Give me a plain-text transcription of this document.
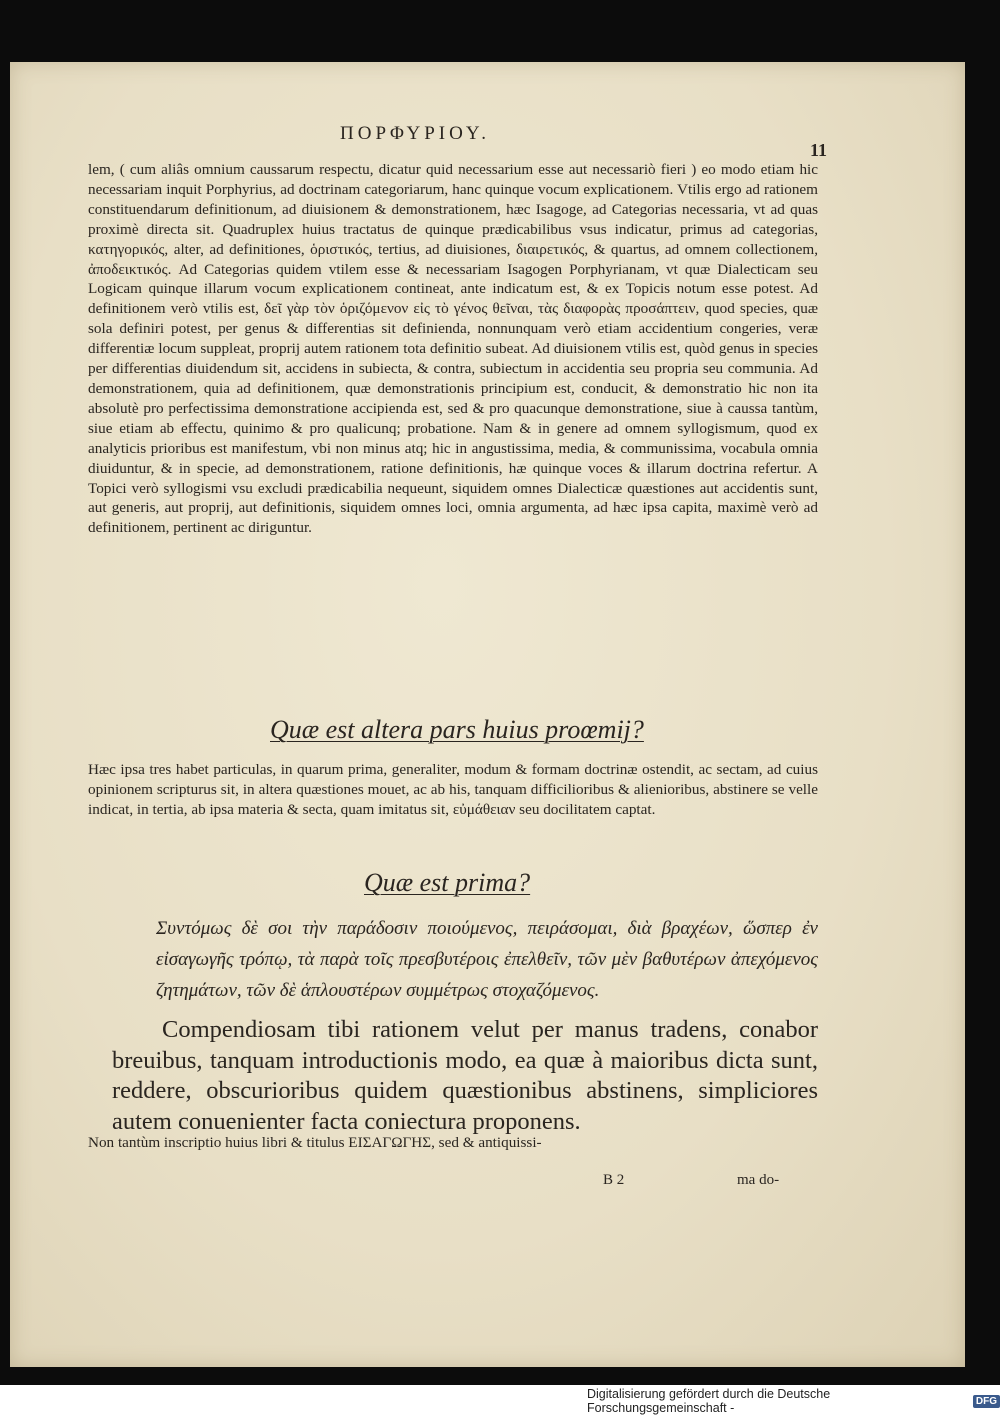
ΠΟΡΦΥΡΙΟΥ.
11

lem, ( cum aliâs omnium caussarum respectu, dicatur quid necessarium esse aut necessariò fieri ) eo modo etiam hic necessariam inquit Porphyrius, ad doctrinam categoriarum, hanc quinque vocum explicationem. Vtilis ergo ad rationem constituendarum definitionum, ad diuisionem & demonstrationem, hæc Isagoge, ad Categorias necessaria, vt ad quas proximè directa sit. Quadruplex huius tractatus de quinque prædicabilibus vsus indicatur, primus ad categorias, κατηγορικός, alter, ad definitiones, ὁριστικός, tertius, ad diuisiones, διαιρετικός, & quartus, ad omnem collectionem, ἀποδεικτικός. Ad Categorias quidem vtilem esse & necessariam Isagogen Porphyrianam, vt quæ Dialecticam seu Logicam quinque illarum vocum explicationem contineat, ante indicatum est, & ex Topicis notum esse potest. Ad definitionem verò vtilis est, δεῖ γὰρ τὸν ὁριζόμενον εἰς τὸ γένος θεῖναι, τὰς διαφορὰς προσάπτειν, quod species, quæ sola definiri potest, per genus & differentias sit definienda, nonnunquam verò etiam accidentium congeries, veræ differentiæ locum suppleat, proprij autem rationem tota definitio subeat. Ad diuisionem vtilis est, quòd genus in species per differentias diuidendum sit, accidens in subiecta, & contra, subiectum in accidentia seu propria seu communia. Ad demonstrationem, quia ad definitionem, quæ demonstrationis principium est, conducit, & demonstratio hic non ita absolutè pro perfectissima demonstratione accipienda est, sed & pro quacunque demonstratione, siue à caussa tantùm, siue etiam ab effectu, quinimo & pro qualicunq; probatione. Nam & in genere ad omnem syllogismum, quod ex analyticis prioribus est manifestum, vbi non minus atq; hic in angustissima, media, & communissima, vocabula omnia diuiduntur, & in specie, ad demonstrationem, ratione definitionis, hæ quinque voces & illarum doctrina refertur. A Topici verò syllogismi vsu excludi prædicabilia nequeunt, siquidem omnes Dialecticæ quæstiones aut accidentis sunt, aut generis, aut proprij, aut definitionis, siquidem omnes loci, omnia argumenta, ad hæc ipsa capita, maximè verò ad definitionem, pertinent ac diriguntur.

Quæ est altera pars huius proœmij?

Hæc ipsa tres habet particulas, in quarum prima, generaliter, modum & formam doctrinæ ostendit, ac sectam, ad cuius opinionem scripturus sit, in altera quæstiones mouet, ac ab his, tanquam difficilioribus & alienioribus, abstinere se velle indicat, in tertia, ab ipsa materia & secta, quam imitatus sit, εὐμάθειαν seu docilitatem captat.

Quæ est prima?

Συντόμως δὲ σοι τὴν παράδοσιν ποιούμενος, πειράσομαι, διὰ βραχέων, ὥσπερ ἐν εἰσαγωγῆς τρόπῳ, τὰ παρὰ τοῖς πρεσβυτέροις ἐπελθεῖν, τῶν μὲν βαθυτέρων ἀπεχόμενος ζητημάτων, τῶν δὲ ἁπλουστέρων συμμέτρως στοχαζόμενος.

Compendiosam tibi rationem velut per manus tradens, conabor breuibus, tanquam introductionis modo, ea quæ à maioribus dicta sunt, reddere, obscurioribus quidem quæstionibus abstinens, simpliciores autem conuenienter facta coniectura proponens.

Non tantùm inscriptio huius libri & titulus ΕΙΣΑΓΩΓΗΣ, sed & antiquissi-

B 2	ma do-
Digitalisierung gefördert durch die Deutsche Forschungsgemeinschaft -	DFG
